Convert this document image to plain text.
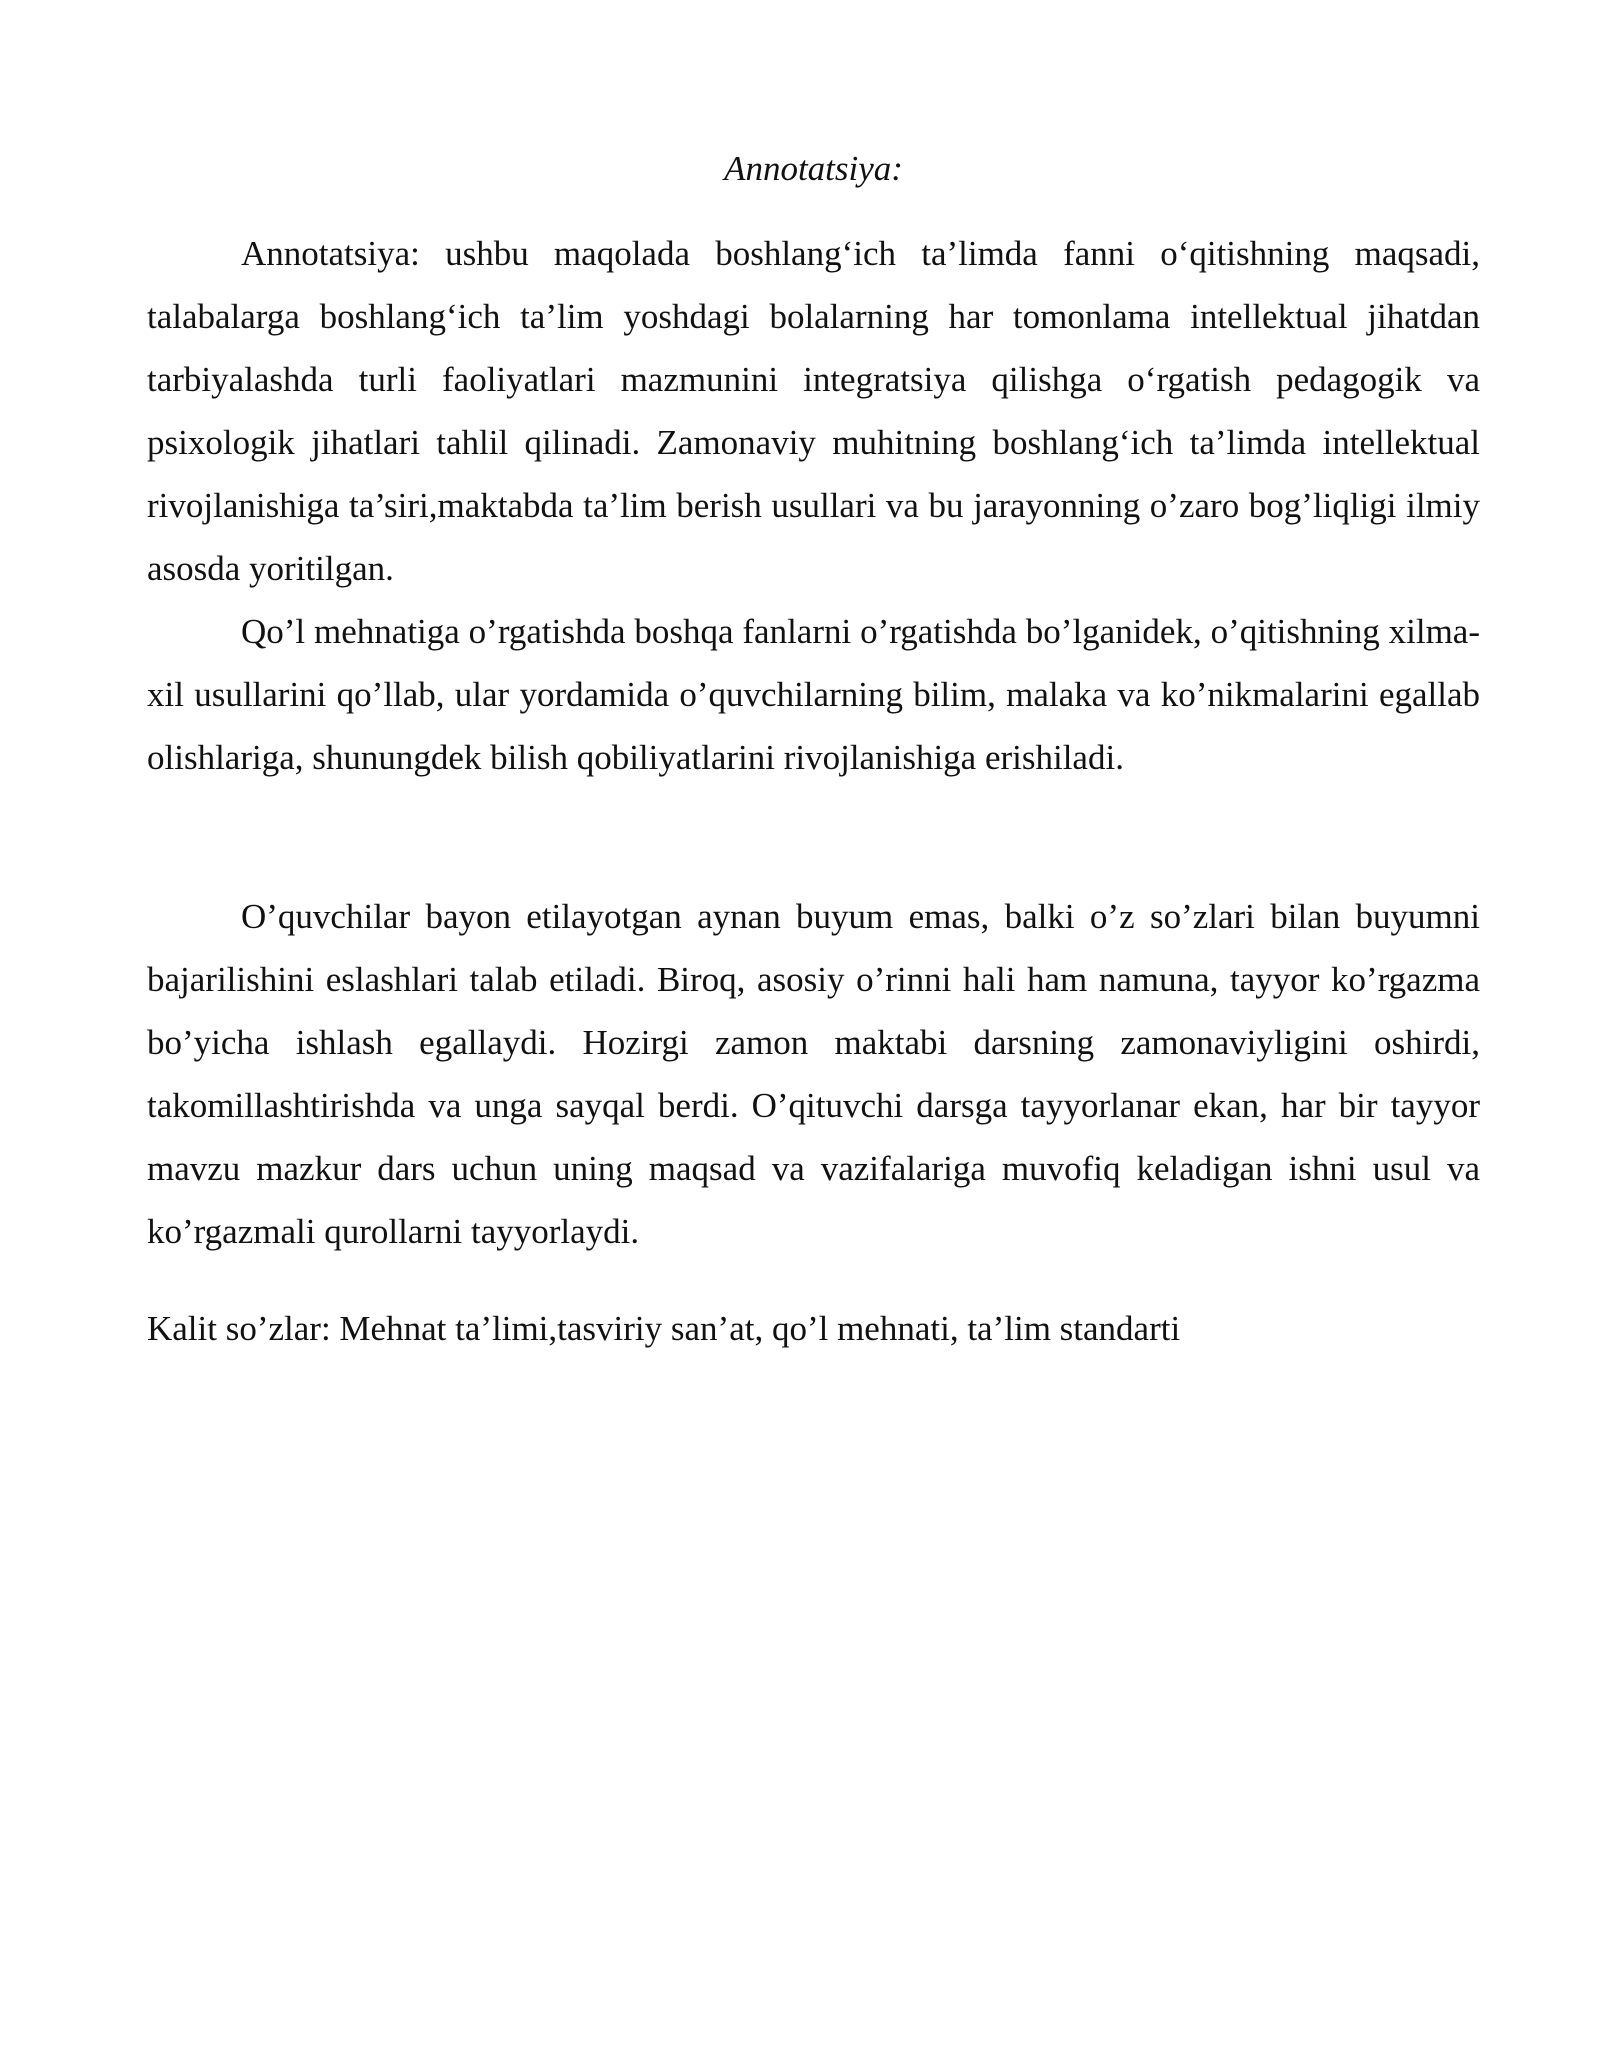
Annotatsiya:

Annotatsiya: ushbu maqolada boshlang‘ich ta’limda fanni o‘qitishning maqsadi, talabalarga boshlang‘ich ta’lim yoshdagi bolalarning har tomonlama intellektual jihatdan tarbiyalashda turli faoliyatlari mazmunini integratsiya qilishga o‘rgatish pedagogik va psixologik jihatlari tahlil qilinadi. Zamonaviy muhitning boshlang‘ich ta’limda intellektual rivojlanishiga ta’siri,maktabda ta’lim berish usullari va bu jarayonning o’zaro bog’liqligi ilmiy asosda yoritilgan.

Qo’l mehnatiga o’rgatishda boshqa fanlarni o’rgatishda bo’lganidek, o’qitishning xilma-xil usullarini qo’llab, ular yordamida o’quvchilarning bilim, malaka va ko’nikmalarini egallab olishlariga, shunungdek bilish qobiliyatlarini rivojlanishiga erishiladi.

O’quvchilar bayon etilayotgan aynan buyum emas, balki o’z so’zlari bilan buyumni bajarilishini eslashlari talab etiladi. Biroq, asosiy o’rinni hali ham namuna, tayyor ko’rgazma bo’yicha ishlash egallaydi. Hozirgi zamon maktabi darsning zamonaviyligini oshirdi, takomillashtirishda va unga sayqal berdi. O’qituvchi darsga tayyorlanar ekan, har bir tayyor mavzu mazkur dars uchun uning maqsad va vazifalariga muvofiq keladigan ishni usul va ko’rgazmali qurollarni tayyorlaydi.

Kalit so’zlar: Mehnat ta’limi,tasviriy san’at, qo’l mehnati, ta’lim standarti
